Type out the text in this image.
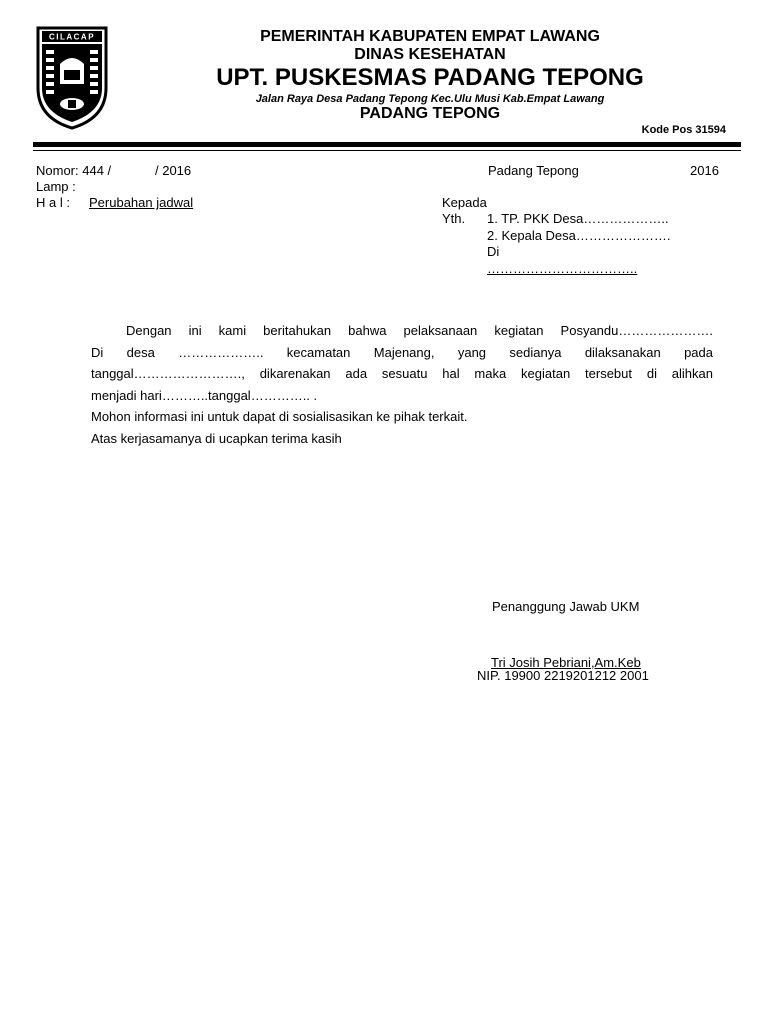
CILACAP	PEMERINTAH KABUPATEN EMPAT LAWANG
DINAS KESEHATAN
UPT. PUSKESMAS PADANG TEPONG
Jalan Raya Desa Padang Tepong Kec.Ulu Musi Kab.Empat Lawang
PADANG TEPONG
Kode Pos 31594
Nomor: 444 /	/ 2016
Lamp :
H a l : Perubahan jadwal
Padang Tepong	2016
Kepada
Yth. 1. TP. PKK Desa………………..
2. Kepala Desa………………….
Di
……………………………..

Dengan ini kami beritahukan bahwa pelaksanaan kegiatan Posyandu………………….

Di desa ……………….. kecamatan Majenang, yang sedianya dilaksanakan pada

tanggal……………………., dikarenakan ada sesuatu hal maka kegiatan tersebut di alihkan

menjadi hari………..tanggal………….. .

Mohon informasi ini untuk dapat di sosialisasikan ke pihak terkait.

Atas kerjasamanya di ucapkan terima kasih

Penanggung Jawab UKM
Tri Josih Pebriani,Am.Keb
NIP. 19900 2219201212 2001
